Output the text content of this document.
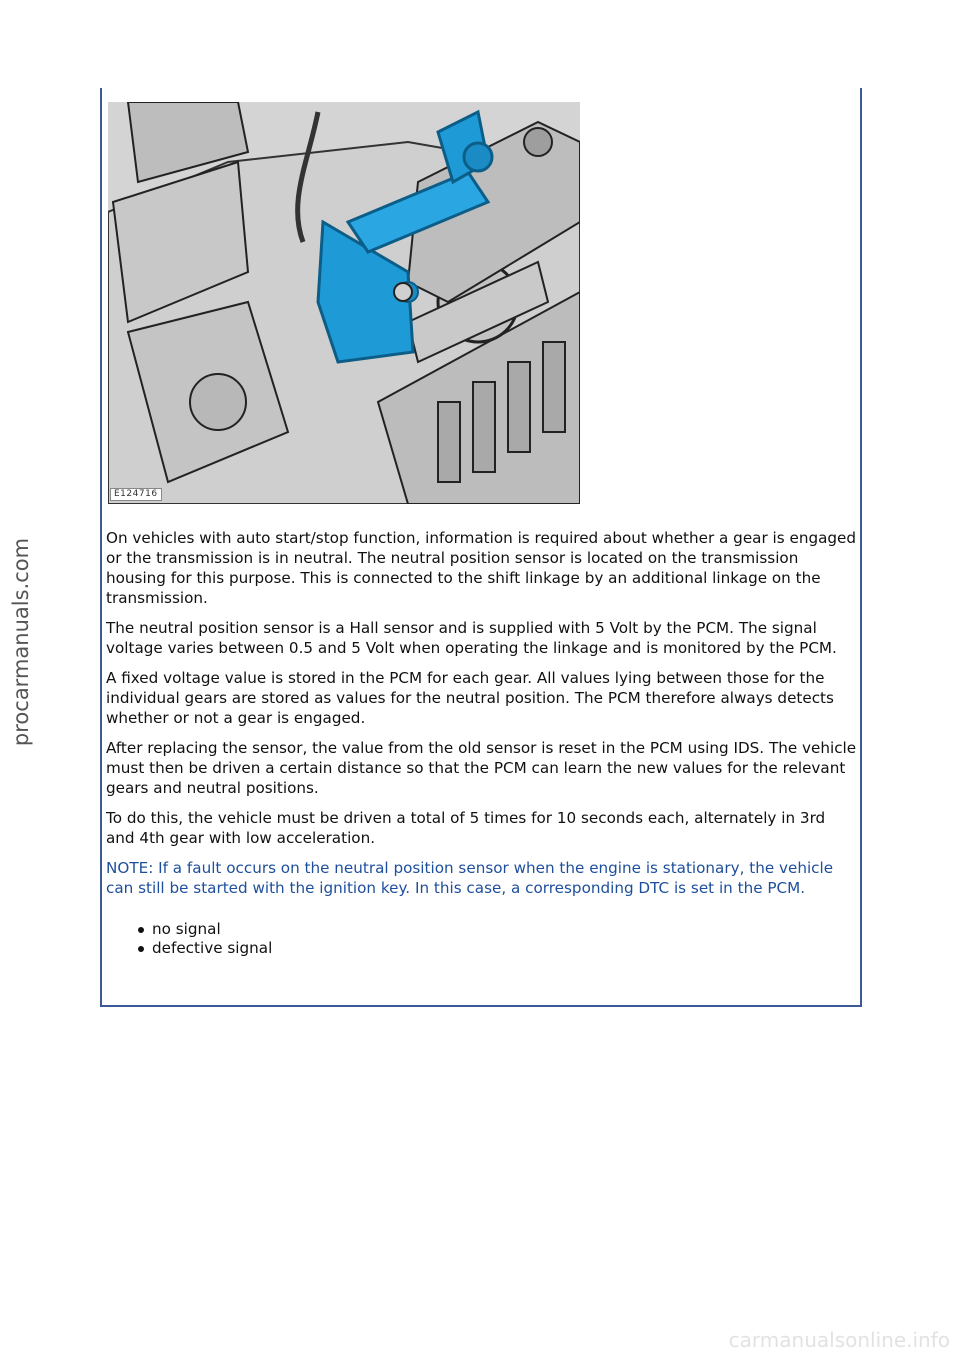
procarmanuals.com
E124716

On vehicles with auto start/stop function, information is required about whether a gear is engaged or the transmission is in neutral. The neutral position sensor is located on the transmission housing for this purpose. This is connected to the shift linkage by an additional linkage on the transmission.

The neutral position sensor is a Hall sensor and is supplied with 5 Volt by the PCM. The signal voltage varies between 0.5 and 5 Volt when operating the linkage and is monitored by the PCM.

A fixed voltage value is stored in the PCM for each gear. All values lying between those for the individual gears are stored as values for the neutral position. The PCM therefore always detects whether or not a gear is engaged.

After replacing the sensor, the value from the old sensor is reset in the PCM using IDS. The vehicle must then be driven a certain distance so that the PCM can learn the new values for the relevant gears and neutral positions.

To do this, the vehicle must be driven a total of 5 times for 10 seconds each, alternately in 3rd and 4th gear with low acceleration.

NOTE: If a fault occurs on the neutral position sensor when the engine is stationary, the vehicle can still be started with the ignition key. In this case, a corresponding DTC is set in the PCM.

no signal
defective signal
carmanualsonline.info
